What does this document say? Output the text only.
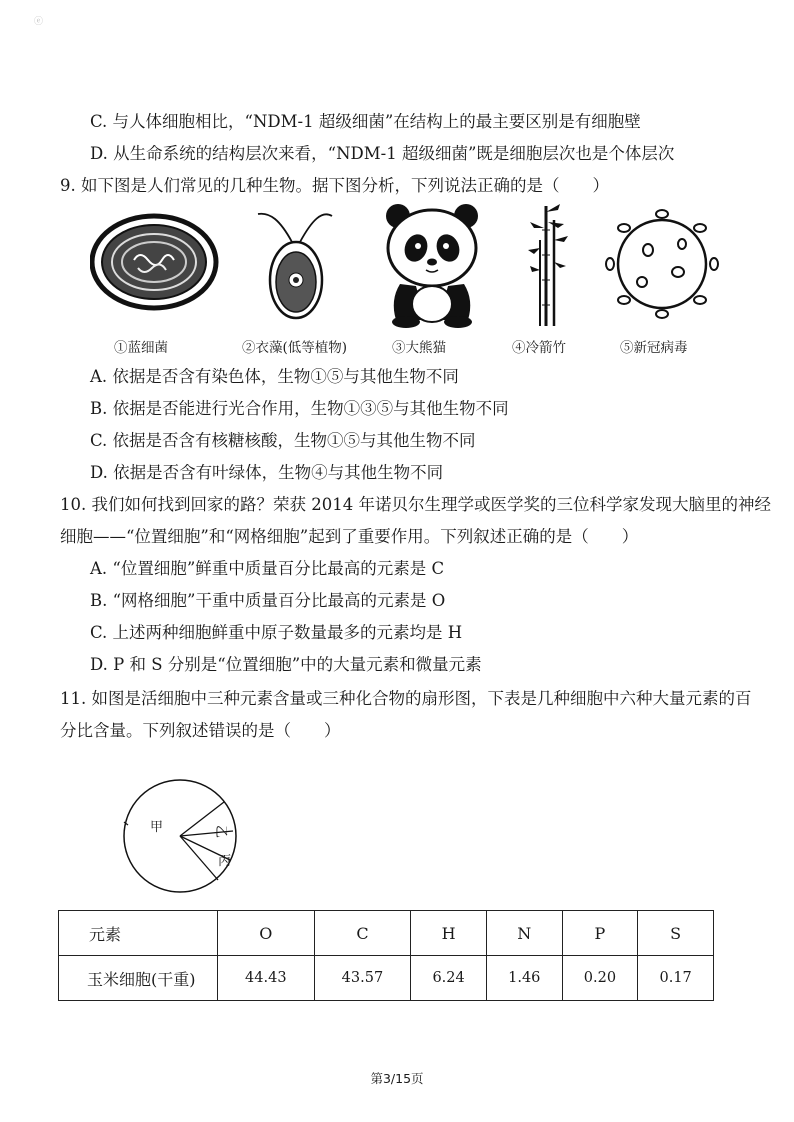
ⓔ
C. 与人体细胞相比，“NDM-1 超级细菌”在结构上的最主要区别是有细胞壁
D. 从生命系统的结构层次来看，“NDM-1 超级细菌”既是细胞层次也是个体层次
9. 如下图是人们常见的几种生物。据下图分析，下列说法正确的是（　　）
①蓝细菌	②衣藻(低等植物)	③大熊猫	④冷箭竹	⑤新冠病毒
A. 依据是否含有染色体，生物①⑤与其他生物不同
B. 依据是否能进行光合作用，生物①③⑤与其他生物不同
C. 依据是否含有核糖核酸，生物①⑤与其他生物不同
D. 依据是否含有叶绿体，生物④与其他生物不同
10. 我们如何找到回家的路？荣获 2014 年诺贝尔生理学或医学奖的三位科学家发现大脑里的神经
细胞——“位置细胞”和“网格细胞”起到了重要作用。下列叙述正确的是（　　）
A. “位置细胞”鲜重中质量百分比最高的元素是 C
B. “网格细胞”干重中质量百分比最高的元素是 O
C. 上述两种细胞鲜重中原子数量最多的元素均是 H
D. P 和 S 分别是“位置细胞”中的大量元素和微量元素
11. 如图是活细胞中三种元素含量或三种化合物的扇形图，下表是几种细胞中六种大量元素的百
分比含量。下列叙述错误的是（　　）
甲	乙
丙
元素	O	C	H	N	P	S
玉米细胞(干重)	44.43	43.57	6.24	1.46	0.20	0.17
第3/15页
